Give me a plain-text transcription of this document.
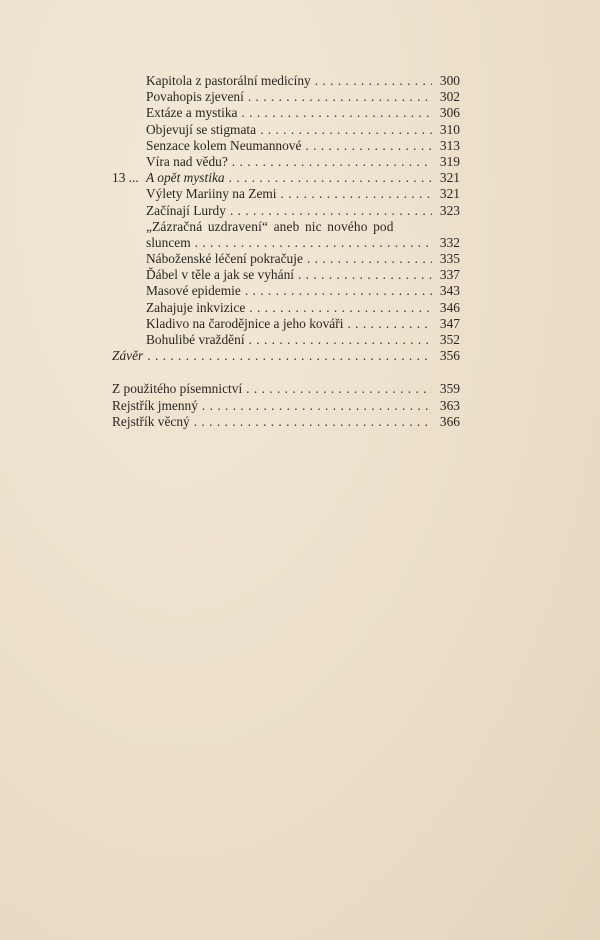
Kapitola z pastorální medicíny . . .	300
Povahopis zjevení . . .	302
Extáze a mystika . . .	306
Objevují se stigmata . . .	310
Senzace kolem Neumannové . . .	313
Víra nad vědu? . . .	319
13 ... A opět mystika . . .	321
Výlety Mariiny na Zemi . . .	321
Začínají Lurdy . . .	323
„Zázračná uzdravení“ aneb nic nového pod
sluncem . . .	332
Náboženské léčení pokračuje . . .	335
Ďábel v těle a jak se vyhání . . .	337
Masové epidemie . . .	343
Zahajuje inkvizice . . .	346
Kladivo na čarodějnice a jeho kováři . . .	347
Bohulibé vraždění . . .	352
Závěr . . .	356
Z použitého písemnictví . . .	359
Rejstřík jmenný . . .	363
Rejstřík věcný . . .	366
